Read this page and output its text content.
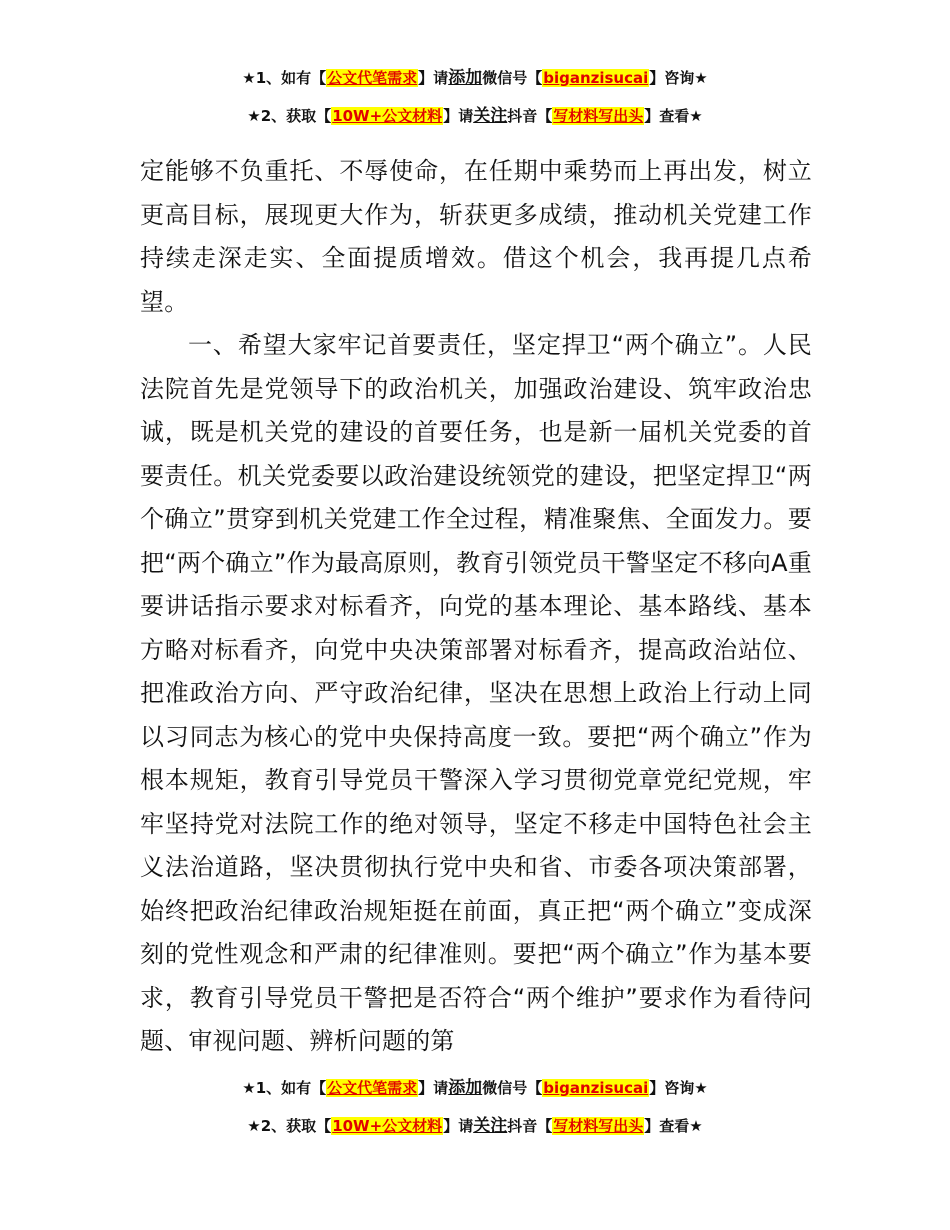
★1、如有【公文代笔需求】请添加微信号【biganzisucai】咨询★
★2、获取【10W+公文材料】请关注抖音【写材料写出头】查看★

定能够不负重托、不辱使命，在任期中乘势而上再出发，树立更高目标，展现更大作为，斩获更多成绩，推动机关党建工作持续走深走实、全面提质增效。借这个机会，我再提几点希望。

一、希望大家牢记首要责任，坚定捍卫“两个确立”。人民法院首先是党领导下的政治机关，加强政治建设、筑牢政治忠诚，既是机关党的建设的首要任务，也是新一届机关党委的首要责任。机关党委要以政治建设统领党的建设，把坚定捍卫“两个确立”贯穿到机关党建工作全过程，精准聚焦、全面发力。要把“两个确立”作为最高原则，教育引领党员干警坚定不移向A重要讲话指示要求对标看齐，向党的基本理论、基本路线、基本方略对标看齐，向党中央决策部署对标看齐，提高政治站位、把准政治方向、严守政治纪律，坚决在思想上政治上行动上同以习同志为核心的党中央保持高度一致。要把“两个确立”作为根本规矩，教育引导党员干警深入学习贯彻党章党纪党规，牢牢坚持党对法院工作的绝对领导，坚定不移走中国特色社会主义法治道路，坚决贯彻执行党中央和省、市委各项决策部署，始终把政治纪律政治规矩挺在前面，真正把“两个确立”变成深刻的党性观念和严肃的纪律准则。要把“两个确立”作为基本要求，教育引导党员干警把是否符合“两个维护”要求作为看待问题、审视问题、辨析问题的第

★1、如有【公文代笔需求】请添加微信号【biganzisucai】咨询★
★2、获取【10W+公文材料】请关注抖音【写材料写出头】查看★
